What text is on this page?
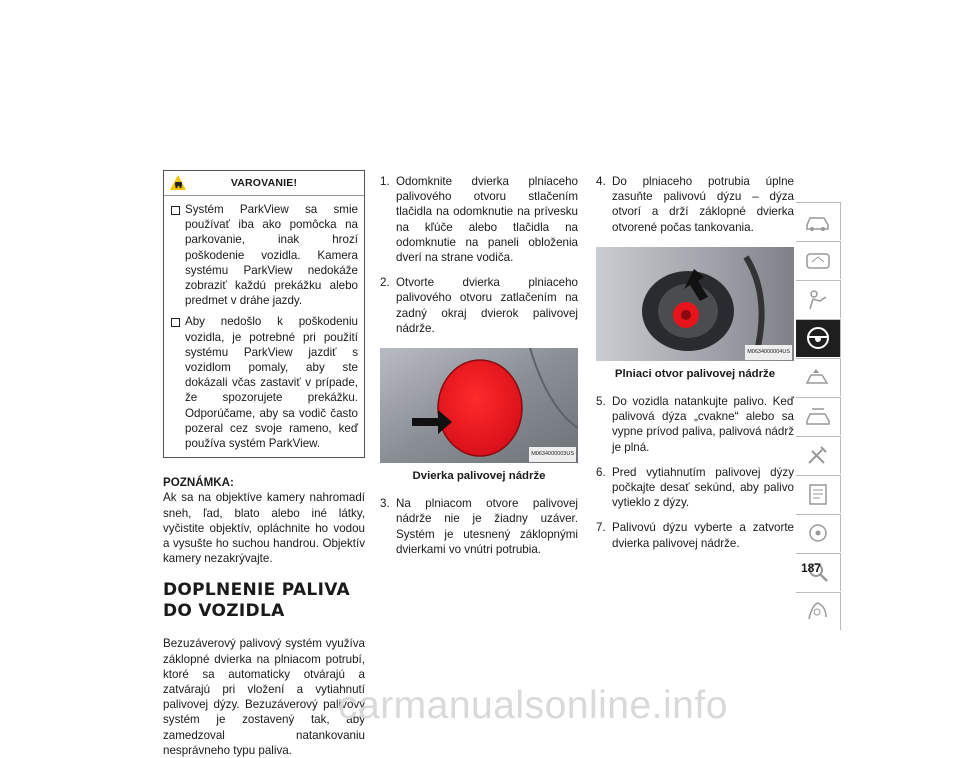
VAROVANIE!
Systém ParkView sa smie používať iba ako pomôcka na parkovanie, inak hrozí poškodenie vozidla. Kamera systému ParkView nedokáže zobraziť každú prekážku alebo predmet v dráhe jazdy.
Aby nedošlo k poškodeniu vozidla, je potrebné pri použití systému ParkView jazdiť s vozidlom pomaly, aby ste dokázali včas zastaviť v prípade, že spozorujete prekážku. Odporúčame, aby sa vodič často pozeral cez svoje rameno, keď používa systém ParkView.
POZNÁMKA:
Ak sa na objektíve kamery nahromadí sneh, ľad, blato alebo iné látky, vyčistite objektív, opláchnite ho vodou a vysušte ho suchou handrou. Objektív kamery nezakrývajte.
DOPLNENIE PALIVA DO VOZIDLA
Bezuzáverový palivový systém využíva záklopné dvierka na plniacom potrubí, ktoré sa automaticky otvárajú a zatvárajú pri vložení a vytiahnutí palivovej dýzy. Bezuzáverový palivový systém je zostavený tak, aby zamedzoval natankovaniu nesprávneho typu paliva.
1. Odomknite dvierka plniaceho palivového otvoru stlačením tlačidla na odomknutie na prívesku na kľúče alebo tlačidla na odomknutie na paneli obloženia dverí na strane vodiča.
2. Otvorte dvierka plniaceho palivového otvoru zatlačením na zadný okraj dvierok palivovej nádrže.
M0634000003US
Dvierka palivovej nádrže
3. Na plniacom otvore palivovej nádrže nie je žiadny uzáver. Systém je utesnený záklopnými dvierkami vo vnútri potrubia.
4. Do plniaceho potrubia úplne zasuňte palivovú dýzu – dýza otvorí a drží záklopné dvierka otvorené počas tankovania.
M0634000004US
Plniaci otvor palivovej nádrže
5. Do vozidla natankujte palivo. Keď palivová dýza „cvakne“ alebo sa vypne prívod paliva, palivová nádrž je plná.
6. Pred vytiahnutím palivovej dýzy počkajte desať sekúnd, aby palivo vytieklo z dýzy.
7. Palivovú dýzu vyberte a zatvorte dvierka palivovej nádrže.
187
carmanualsonline.info
